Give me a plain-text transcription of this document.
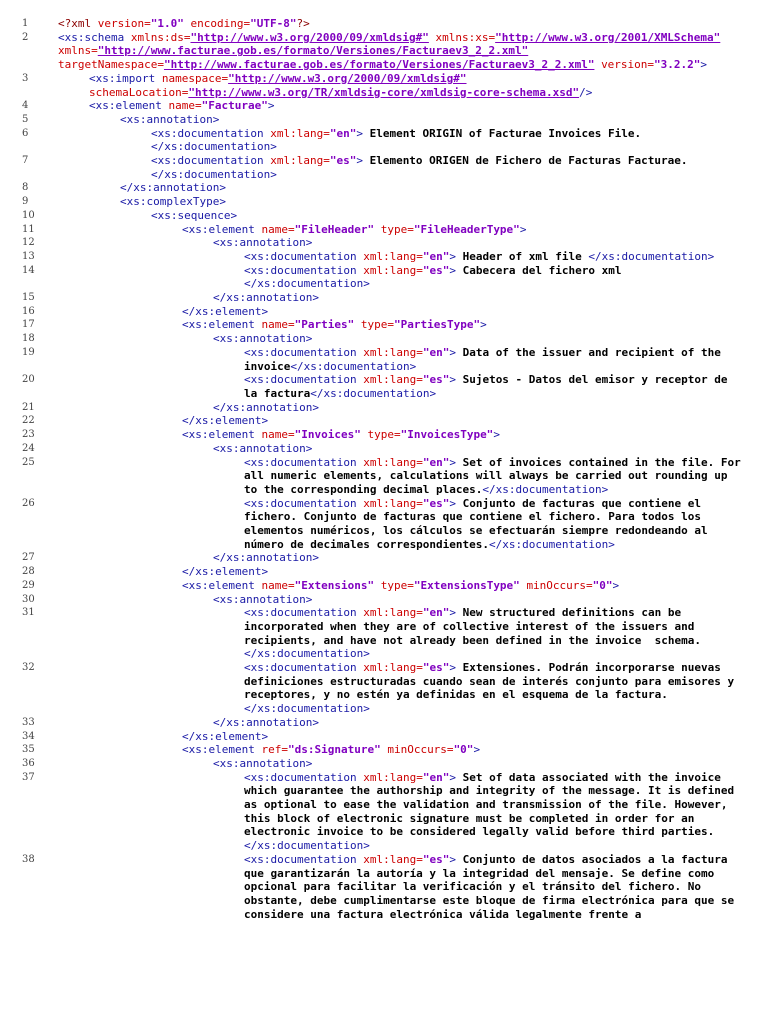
1	<?xml version="1.0" encoding="UTF-8"?>
2	<xs:schema xmlns:ds="http://www.w3.org/2000/09/xmldsig#" xmlns:xs="http://www.w3.org/2001/XMLSchema" xmlns="http://www.facturae.gob.es/formato/Versiones/Facturaev3_2_2.xml" targetNamespace="http://www.facturae.gob.es/formato/Versiones/Facturaev3_2_2.xml" version="3.2.2">
3	<xs:import namespace="http://www.w3.org/2000/09/xmldsig#" schemaLocation="http://www.w3.org/TR/xmldsig-core/xmldsig-core-schema.xsd"/>
4	<xs:element name="Facturae">
5	<xs:annotation>
6	<xs:documentation xml:lang="en"> Element ORIGIN of Facturae Invoices File.</xs:documentation>
7	<xs:documentation xml:lang="es"> Elemento ORIGEN de Fichero de Facturas Facturae.</xs:documentation>
8	</xs:annotation>
9	<xs:complexType>
10	<xs:sequence>
11	<xs:element name="FileHeader" type="FileHeaderType">
12	<xs:annotation>
13	<xs:documentation xml:lang="en"> Header of xml file </xs:documentation>
14	<xs:documentation xml:lang="es"> Cabecera del fichero xml </xs:documentation>
15	</xs:annotation>
16	</xs:element>
17	<xs:element name="Parties" type="PartiesType">
18	<xs:annotation>
19	<xs:documentation xml:lang="en"> Data of the issuer and recipient of the invoice</xs:documentation>
20	<xs:documentation xml:lang="es"> Sujetos - Datos del emisor y receptor de la factura</xs:documentation>
21	</xs:annotation>
22	</xs:element>
23	<xs:element name="Invoices" type="InvoicesType">
24	<xs:annotation>
25	<xs:documentation xml:lang="en"> Set of invoices contained in the file. For all numeric elements, calculations will always be carried out rounding up to the corresponding decimal places.</xs:documentation>
26	<xs:documentation xml:lang="es"> Conjunto de facturas que contiene el fichero. Conjunto de facturas que contiene el fichero. Para todos los elementos numéricos, los cálculos se efectuarán siempre redondeando al número de decimales correspondientes.</xs:documentation>
27	</xs:annotation>
28	</xs:element>
29	<xs:element name="Extensions" type="ExtensionsType" minOccurs="0">
30	<xs:annotation>
31	<xs:documentation xml:lang="en"> New structured definitions can be incorporated when they are of collective interest of the issuers and recipients, and have not already been defined in the invoice  schema.</xs:documentation>
32	<xs:documentation xml:lang="es"> Extensiones. Podrán incorporarse nuevas definiciones estructuradas cuando sean de interés conjunto para emisores y receptores, y no estén ya definidas en el esquema de la factura.</xs:documentation>
33	</xs:annotation>
34	</xs:element>
35	<xs:element ref="ds:Signature" minOccurs="0">
36	<xs:annotation>
37	<xs:documentation xml:lang="en"> Set of data associated with the invoice which guarantee the authorship and integrity of the message. It is defined as optional to ease the validation and transmission of the file. However, this block of electronic signature must be completed in order for an electronic invoice to be considered legally valid before third parties.</xs:documentation>
38	<xs:documentation xml:lang="es"> Conjunto de datos asociados a la factura que garantizarán la autoría y la integridad del mensaje. Se define como opcional para facilitar la verificación y el tránsito del fichero. No obstante, debe cumplimentarse este bloque de firma electrónica para que se considere una factura electrónica válida legalmente frente a
